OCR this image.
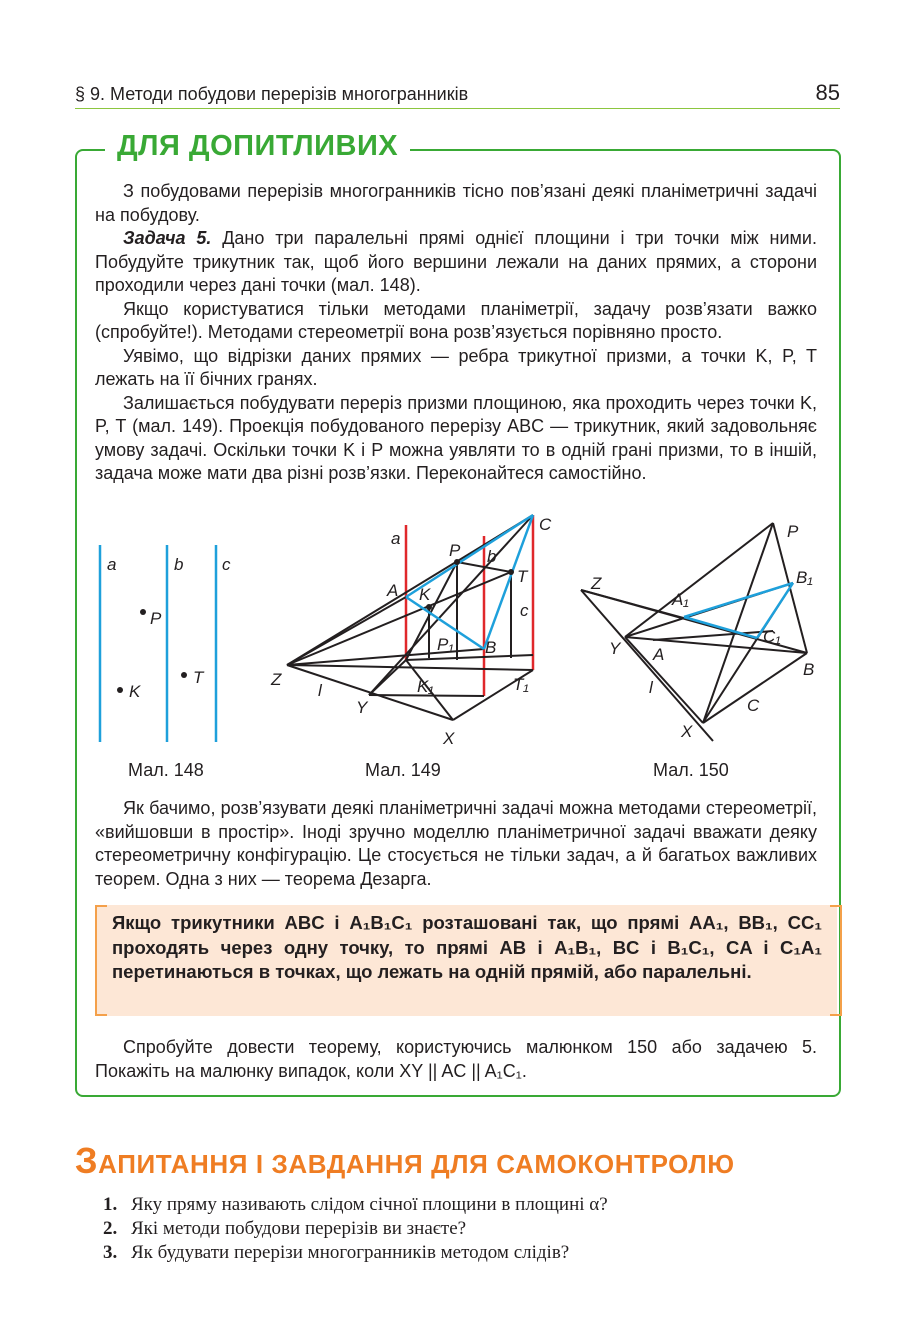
§ 9. Методи побудови перерізів многогранників	85
ДЛЯ ДОПИТЛИВИХ

З побудовами перерізів многогранників тісно пов’язані деякі планіметричні задачі на побудову.

Задача 5. Дано три паралельні прямі однієї площини і три точки між ними. Побудуйте трикутник так, щоб його вершини лежали на даних прямих, а сторони проходили через дані точки (мал. 148).

Якщо користуватися тільки методами планіметрії, задачу розв’язати важко (спробуйте!). Методами стереометрії вона розв’язується порівняно просто.

Уявімо, що відрізки даних прямих — ребра трикутної призми, а точки K, P, T лежать на її бічних гранях.

Залишається побудувати переріз призми площиною, яка проходить через точки K, P, T (мал. 149). Проекція побудованого перерізу ABC — трикутник, який задовольняє умову задачі. Оскільки точки K і P можна уявляти то в одній грані призми, то в іншій, задача може мати два різні розв’язки. Переконайтеся самостійно.

a	b c
P
K
T
Мал. 148
a
b
c
C
P
T
A K
P₁ B
K₁	T₁
Z
l
Y
X
Мал. 149
P
Z
A₁
B₁
C₁
Y A
B
l
C
X
Мал. 150

Як бачимо, розв’язувати деякі планіметричні задачі можна методами стереометрії, «вийшовши в простір». Іноді зручно моделлю планіметричної задачі вважати деяку стереометричну конфігурацію. Це стосується не тільки задач, а й багатьох важливих теорем. Одна з них — теорема Дезарга.

Якщо трикутники ABC і A₁B₁C₁ розташовані так, що прямі AA₁, BB₁, CC₁ проходять через одну точку, то прямі AB і A₁B₁, BC і B₁C₁, CA і C₁A₁ перетинаються в точках, що лежать на одній прямій, або паралельні.

Спробуйте довести теорему, користуючись малюнком 150 або задачею 5. Покажіть на малюнку випадок, коли XY || AC || A₁C₁.

ЗАПИТАННЯ І ЗАВДАННЯ ДЛЯ САМОКОНТРОЛЮ
1. Яку пряму називають слідом січної площини в площині α?
2. Які методи побудови перерізів ви знаєте?
3. Як будувати перерізи многогранників методом слідів?
